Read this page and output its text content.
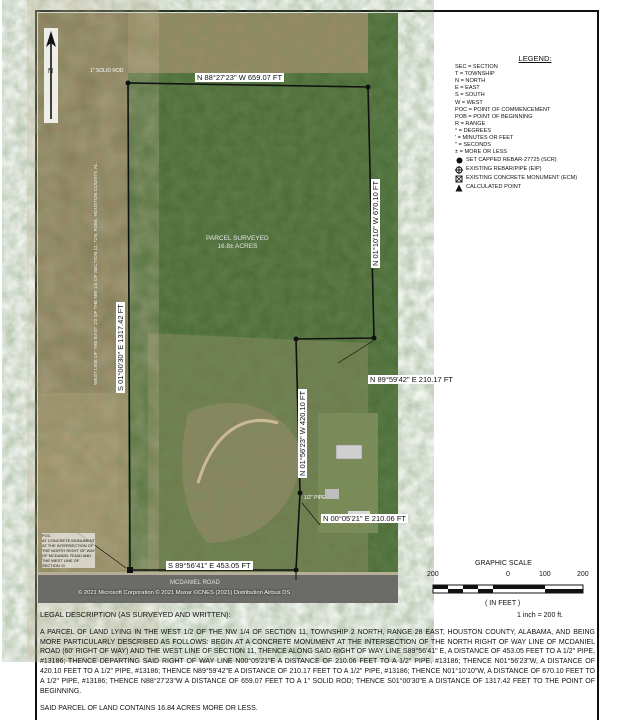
N
N 88°27'23" W 659.07 FT
1" SOLID ROD
N 01°10'10" W 670.10 FT
S 01°00'30" E 1317.42 FT
N 01°56'23" W 420.10 FT
N 89°59'42" E 210.17 FT
N 00°05'21" E 210.06 FT
S 89°56'41" E 453.05 FT
PARCEL SURVEYED
16.8± ACRES
MCDANIEL ROAD
1/2" PIPE
WEST LINE OF THE EAST 1/2 OF THE NW 1/4 OF SECTION 11, T2N, R28E, HOUSTON COUNTY, AL.
POC
AT CONCRETE MONUMENT
AT THE INTERSECTION OF
THE NORTH RIGHT OF WAY
OF MCDANIEL ROAD AND
THE WEST LINE OF
SECTION 11
© 2021 Microsoft Corporation © 2021 Maxar ©CNES (2021) Distribution Airbus DS
LEGEND:
SEC = SECTION
T = TOWNSHIP
N = NORTH
E = EAST
S = SOUTH
W = WEST
POC = POINT OF COMMENCEMENT
POB = POINT OF BEGINNING
R = RANGE
° = DEGREES
' = MINUTES OR FEET
" = SECONDS
± = MORE OR LESS
SET CAPPED REBAR-27725 (SCR)
EXISTING REBAR/PIPE (EIP)
EXISTING CONCRETE MONUMENT (ECM)
CALCULATED POINT
GRAPHIC SCALE
200	0	100	200
( IN FEET )
1 inch = 200 ft.
LEGAL DESCRIPTION (AS SURVEYED AND WRITTEN):
A PARCEL OF LAND LYING IN THE WEST 1/2 OF THE NW 1/4 OF SECTION 11, TOWNSHIP 2 NORTH, RANGE 28 EAST, HOUSTON COUNTY, ALABAMA, AND BEING MORE PARTICULARLY DESCRIBED AS FOLLOWS: BEGIN AT A CONCRETE MONUMENT AT THE INTERSECTION OF THE NORTH RIGHT OF WAY LINE OF MCDANIEL ROAD (60' RIGHT OF WAY) AND THE WEST LINE OF SECTION 11, THENCE ALONG SAID RIGHT OF WAY LINE S89°56'41" E, A DISTANCE OF 453.05 FEET TO A 1/2" PIPE, #13186; THENCE DEPARTING SAID RIGHT OF WAY LINE N00°05'21"E A DISTANCE OF 210.06 FEET TO A 1/2" PIPE, #13186; THENCE N01°56'23"W, A DISTANCE OF 420.10 FEET TO A 1/2" PIPE, #13186; THENCE N89°59'42"E A DISTANCE OF 210.17 FEET TO A 1/2" PIPE, #13186; THENCE N01°10'10"W, A DISTANCE OF 670.10 FEET TO A 1/2" PIPE, #13186; THENCE N88°27'23"W A DISTANCE OF 659.07 FEET TO A 1" SOLID ROD; THENCE S01°00'30"E A DISTANCE OF 1317.42 FEET TO THE POINT OF BEGINNING.
SAID PARCEL OF LAND CONTAINS 16.84 ACRES MORE OR LESS.
